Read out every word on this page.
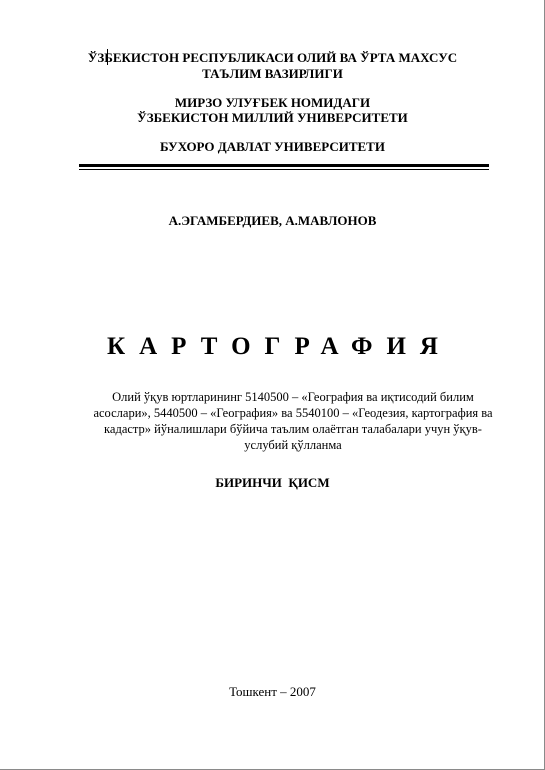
ЎЗБЕКИСТОН РЕСПУБЛИКАСИ ОЛИЙ ВА ЎРТА МАХСУС
ТАЪЛИМ ВАЗИРЛИГИ
МИРЗО УЛУҒБЕК НОМИДАГИ
ЎЗБЕКИСТОН МИЛЛИЙ УНИВЕРСИТЕТИ
БУХОРО ДАВЛАТ УНИВЕРСИТЕТИ
А.ЭГАМБЕРДИЕВ, А.МАВЛОНОВ
КАРТОГРАФИЯ
Олий ўқув юртларининг 5140500 – «География ва иқтисодий билим
асослари», 5440500 – «География» ва 5540100 – «Геодезия, картография ва
кадастр» йўналишлари бўйича таълим олаётган талабалари учун ўқув-
услубий қўлланма
БИРИНЧИ  ҚИСМ
Тошкент – 2007
